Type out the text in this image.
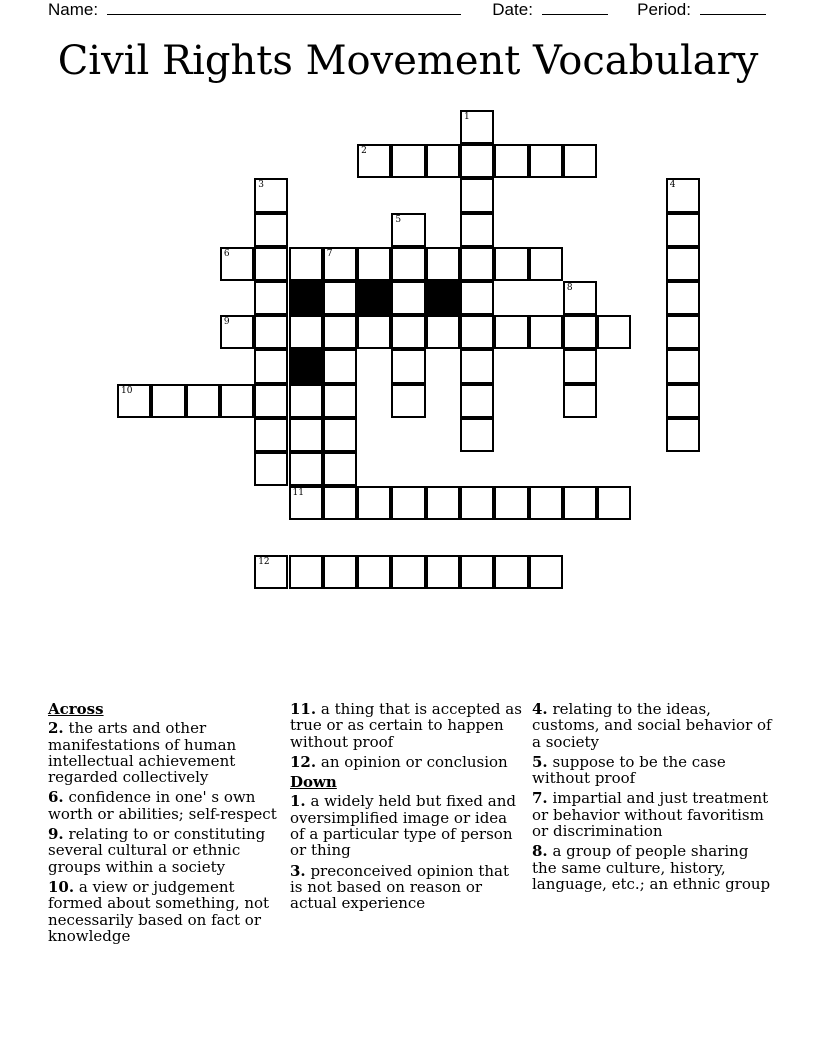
Name:	Date:	Period:
Civil Rights Movement Vocabulary
1
2
3	4
5
6	7
8
9
10
11
12
Across
2. the arts and other manifestations of human intellectual achievement regarded collectively
6. confidence in one' s own worth or abilities; self-respect
9. relating to or constituting several cultural or ethnic groups within a society
10. a view or judgement formed about something, not necessarily based on fact or knowledge
11. a thing that is accepted as true or as certain to happen without proof
12. an opinion or conclusion
Down
1. a widely held but fixed and oversimplified image or idea of a particular type of person or thing
3. preconceived opinion that is not based on reason or actual experience
4. relating to the ideas, customs, and social behavior of a society
5. suppose to be the case without proof
7. impartial and just treatment or behavior without favoritism or discrimination
8. a group of people sharing the same culture, history, language, etc.; an ethnic group
